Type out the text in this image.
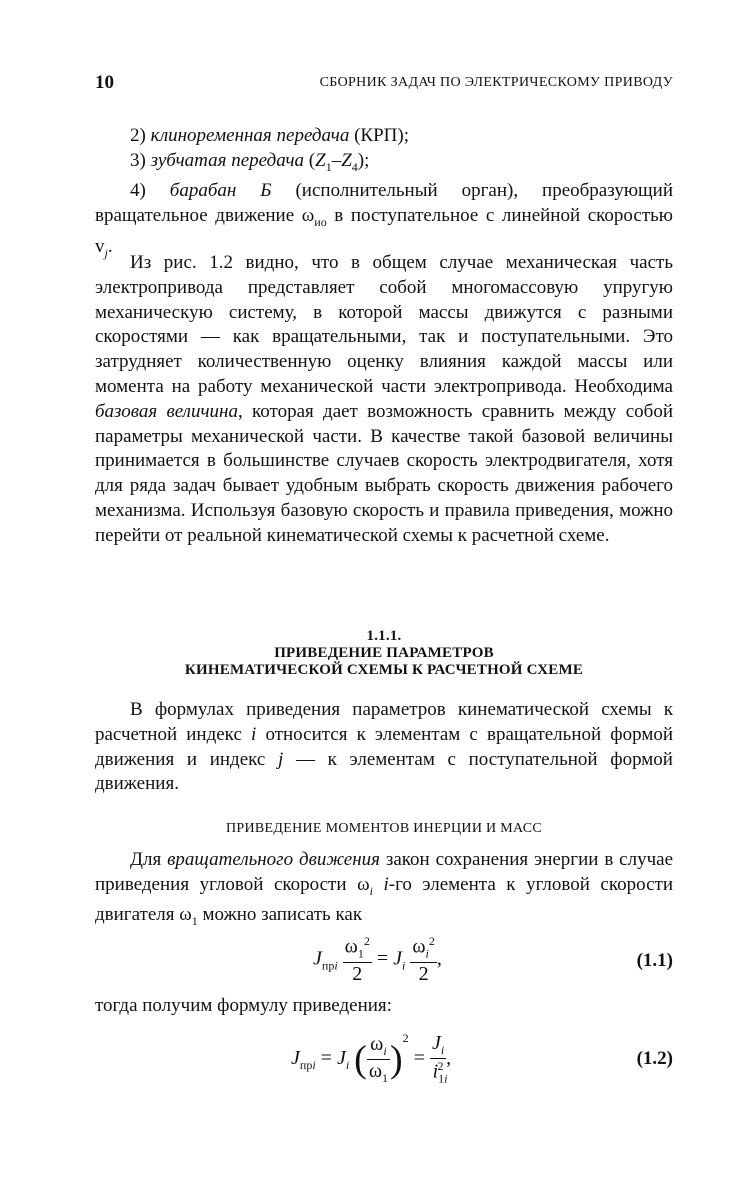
10	СБОРНИК ЗАДАЧ ПО ЭЛЕКТРИЧЕСКОМУ ПРИВОДУ

2) клиноременная передача (КРП);

3) зубчатая передача $(Z_1-Z_4)$;

4) барабан Б (исполнительный орган), преобразующий вращательное движение $\omega_{ио}$ в поступательное с линейной скоростью $v_j$.

Из рис. 1.2 видно, что в общем случае механическая часть электропривода представляет собой многомассовую упругую механическую систему, в которой массы движутся с разными скоростями — как вращательными, так и поступательными. Это затрудняет количественную оценку влияния каждой массы или момента на работу механической части электропривода. Необходима базовая величина, которая дает возможность сравнить между собой параметры механической части. В качестве такой базовой величины принимается в большинстве случаев скорость электродвигателя, хотя для ряда задач бывает удобным выбрать скорость движения рабочего механизма. Используя базовую скорость и правила приведения, можно перейти от реальной кинематической схемы к расчетной схеме.

1.1.1.
ПРИВЕДЕНИЕ ПАРАМЕТРОВ
КИНЕМАТИЧЕСКОЙ СХЕМЫ К РАСЧЕТНОЙ СХЕМЕ

В формулах приведения параметров кинематической схемы к расчетной индекс i относится к элементам с вращательной формой движения и индекс j — к элементам с поступательной формой движения.

ПРИВЕДЕНИЕ МОМЕНТОВ ИНЕРЦИИ И МАСС

Для вращательного движения закон сохранения энергии в случае приведения угловой скорости $\omega_i$ i-го элемента к угловой скорости двигателя $\omega_1$ можно записать как

$J_{прi} \frac{\omega_1^2}{2} = J_i \frac{\omega_i^2}{2}$ ,	(1.1)
тогда получим формулу приведения:
$J_{прi} = J_i$ ( $\frac{\omega_i}{\omega_1} )^2 = \frac{J_i}{i_{1i}^2}$ ,	(1.2)
